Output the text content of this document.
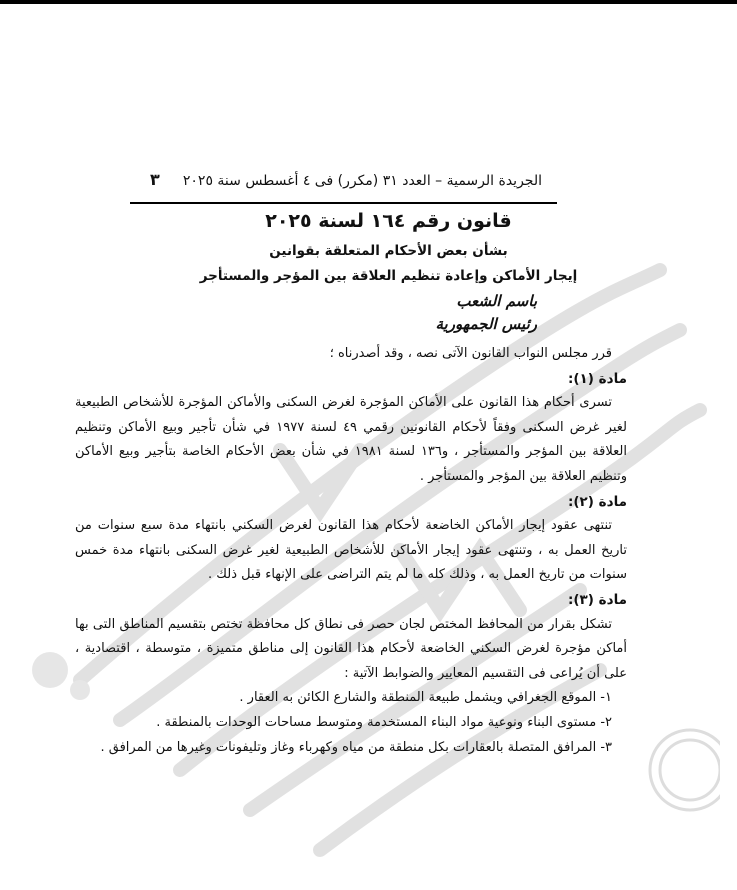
الجريدة الرسمية – العدد ٣١ (مكرر) فى ٤ أغسطس سنة ٢٠٢٥
٣
قانون رقم ١٦٤ لسنة ٢٠٢٥
بشأن بعض الأحكام المتعلقة بقوانين
إيجار الأماكن وإعادة تنظيم العلاقة بين المؤجر والمستأجر
باسم الشعب
رئيس الجمهورية

قرر مجلس النواب القانون الآتى نصه ، وقد أصدرناه ؛

مادة (١):

تسرى أحكام هذا القانون على الأماكن المؤجرة لغرض السكنى والأماكن المؤجرة للأشخاص الطبيعية لغير غرض السكنى وفقاً لأحكام القانونين رقمي ٤٩ لسنة ١٩٧٧ في شأن تأجير وبيع الأماكن وتنظيم العلاقة بين المؤجر والمستأجر ، و١٣٦ لسنة ١٩٨١ في شأن بعض الأحكام الخاصة بتأجير وبيع الأماكن وتنظيم العلاقة بين المؤجر والمستأجر .

مادة (٢):

تنتهى عقود إيجار الأماكن الخاضعة لأحكام هذا القانون لغرض السكني بانتهاء مدة سبع سنوات من تاريخ العمل به ، وتنتهى عقود إيجار الأماكن للأشخاص الطبيعية لغير غرض السكنى بانتهاء مدة خمس سنوات من تاريخ العمل به ، وذلك كله ما لم يتم التراضى على الإنهاء قبل ذلك .

مادة (٣):

تشكل بقرار من المحافظ المختص لجان حصر فى نطاق كل محافظة تختص بتقسيم المناطق التى بها أماكن مؤجرة لغرض السكني الخاضعة لأحكام هذا القانون إلى مناطق متميزة ، متوسطة ، اقتصادية ، على أن يُراعى فى التقسيم المعايير والضوابط الآتية :

١- الموقع الجغرافي ويشمل طبيعة المنطقة والشارع الكائن به العقار .

٢- مستوى البناء ونوعية مواد البناء المستخدمة ومتوسط مساحات الوحدات بالمنطقة .

٣- المرافق المتصلة بالعقارات بكل منطقة من مياه وكهرباء وغاز وتليفونات وغيرها من المرافق .
